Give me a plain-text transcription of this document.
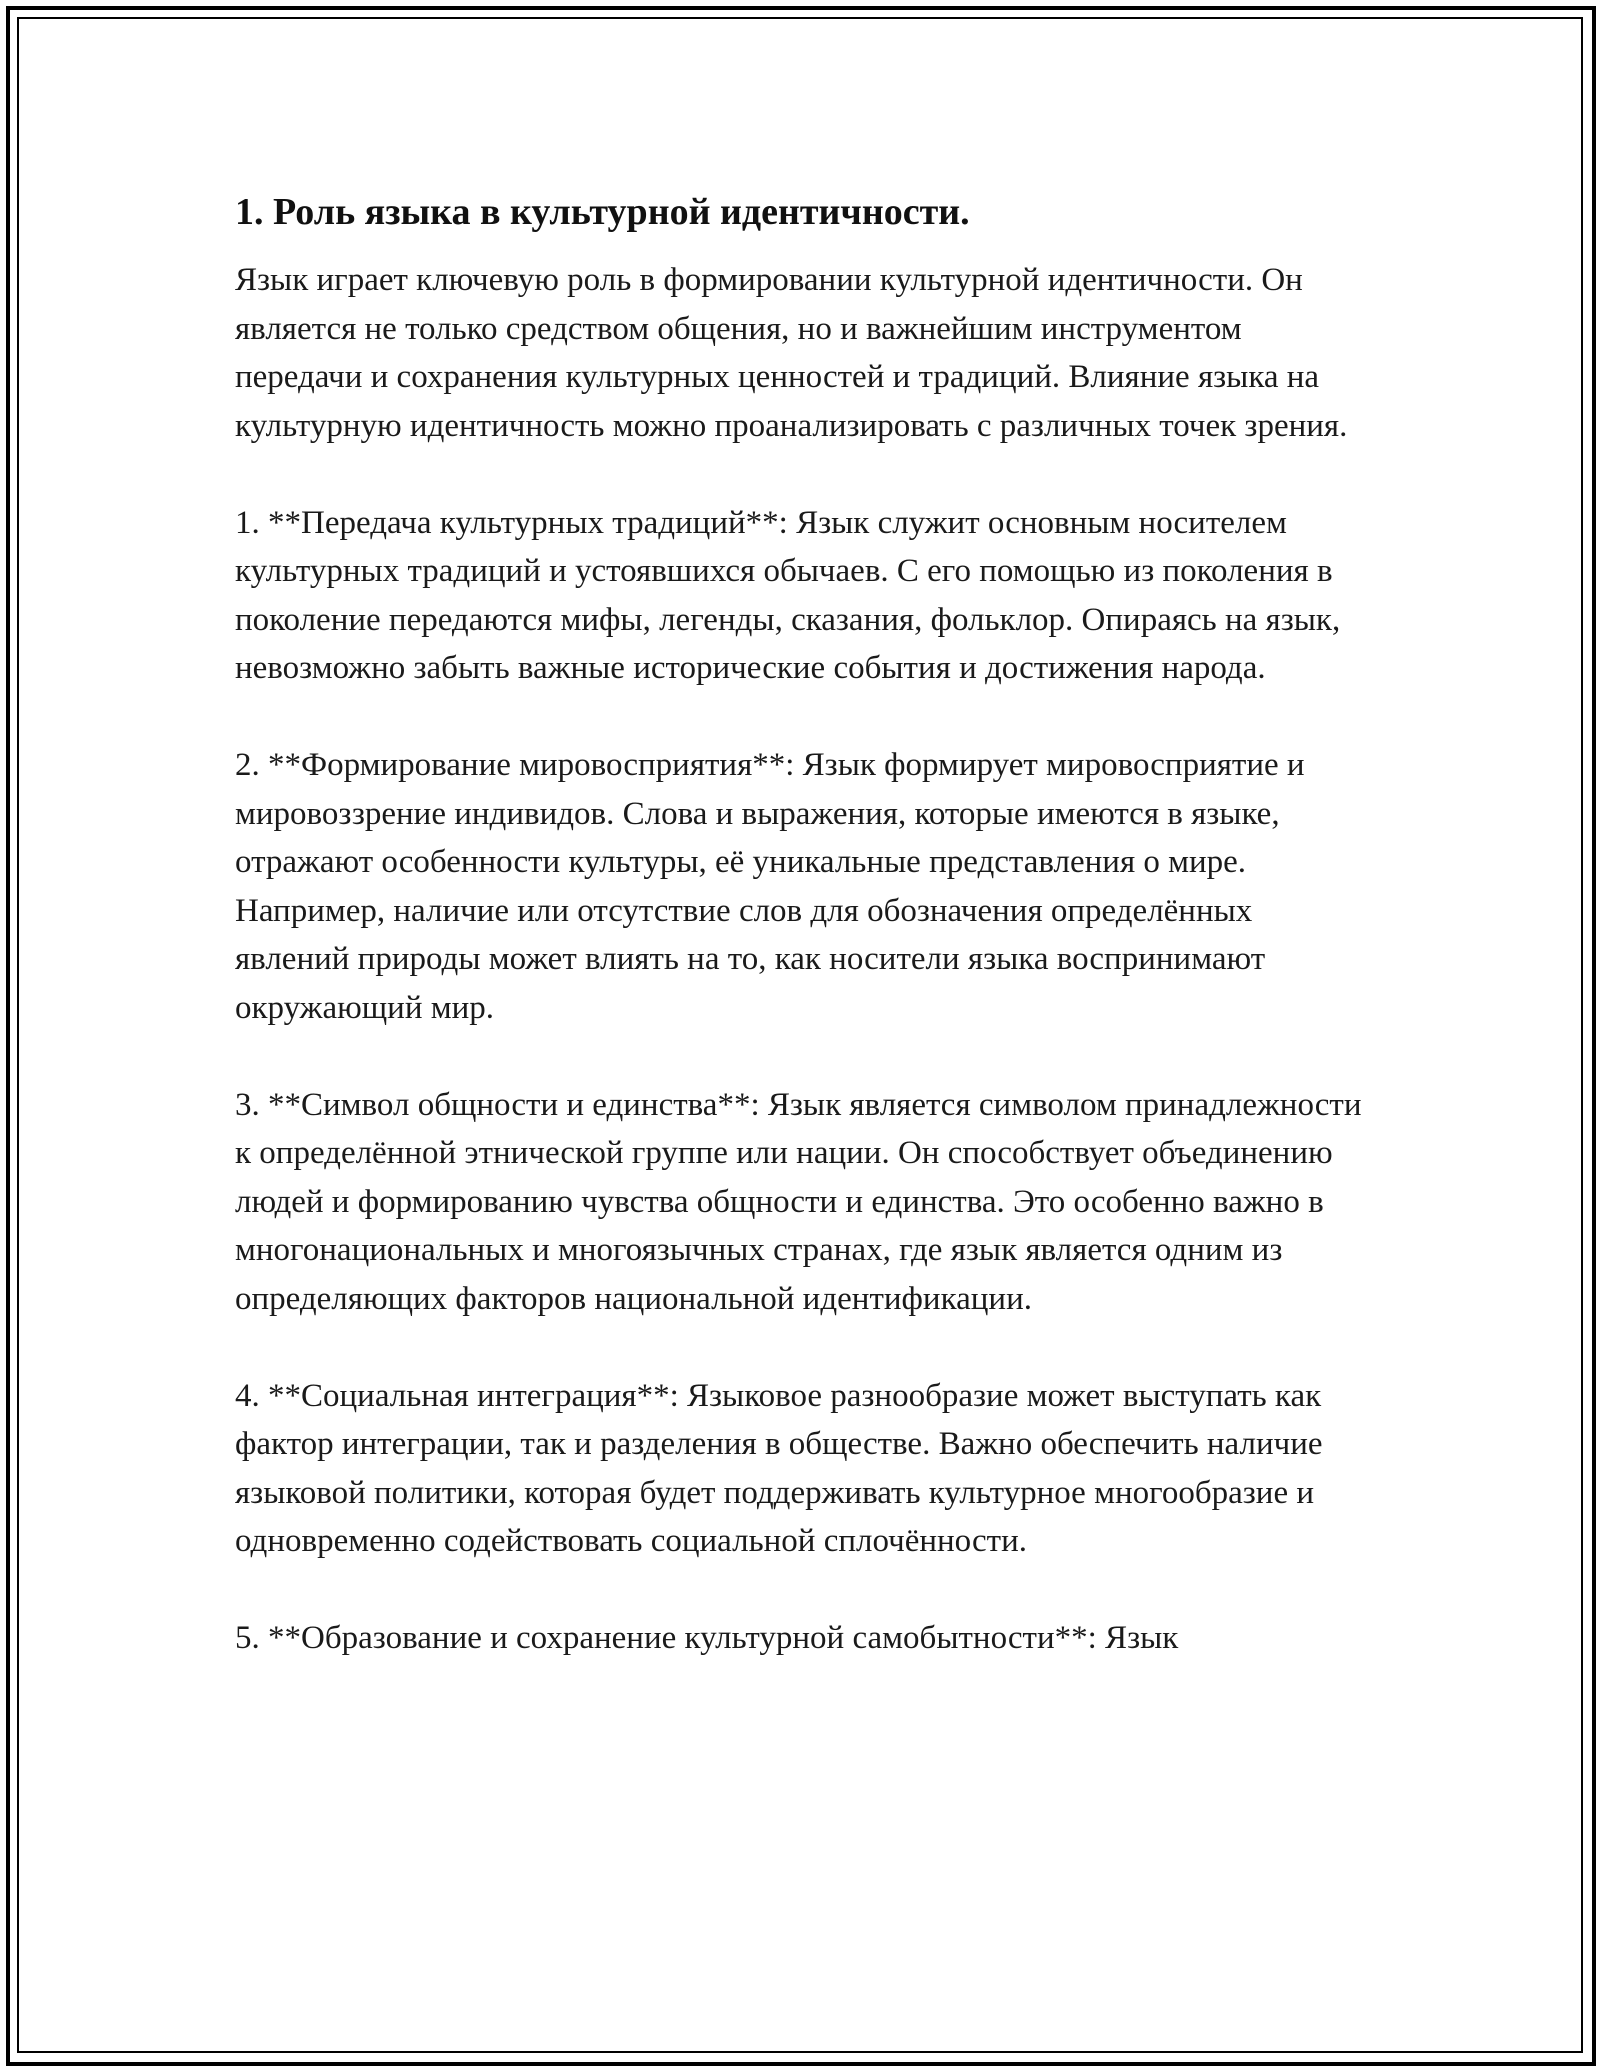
1. Роль языка в культурной идентичности.

Язык играет ключевую роль в формировании культурной идентичности. Он является не только средством общения, но и важнейшим инструментом передачи и сохранения культурных ценностей и традиций. Влияние языка на культурную идентичность можно проанализировать с различных точек зрения.

1. **Передача культурных традиций**: Язык служит основным носителем культурных традиций и устоявшихся обычаев. С его помощью из поколения в поколение передаются мифы, легенды, сказания, фольклор. Опираясь на язык, невозможно забыть важные исторические события и достижения народа.

2. **Формирование мировосприятия**: Язык формирует мировосприятие и мировоззрение индивидов. Слова и выражения, которые имеются в языке, отражают особенности культуры, её уникальные представления о мире. Например, наличие или отсутствие слов для обозначения определённых явлений природы может влиять на то, как носители языка воспринимают окружающий мир.

3. **Символ общности и единства**: Язык является символом принадлежности к определённой этнической группе или нации. Он способствует объединению людей и формированию чувства общности и единства. Это особенно важно в многонациональных и многоязычных странах, где язык является одним из определяющих факторов национальной идентификации.

4. **Социальная интеграция**: Языковое разнообразие может выступать как фактор интеграции, так и разделения в обществе. Важно обеспечить наличие языковой политики, которая будет поддерживать культурное многообразие и одновременно содействовать социальной сплочённости.

5. **Образование и сохранение культурной самобытности**: Язык
